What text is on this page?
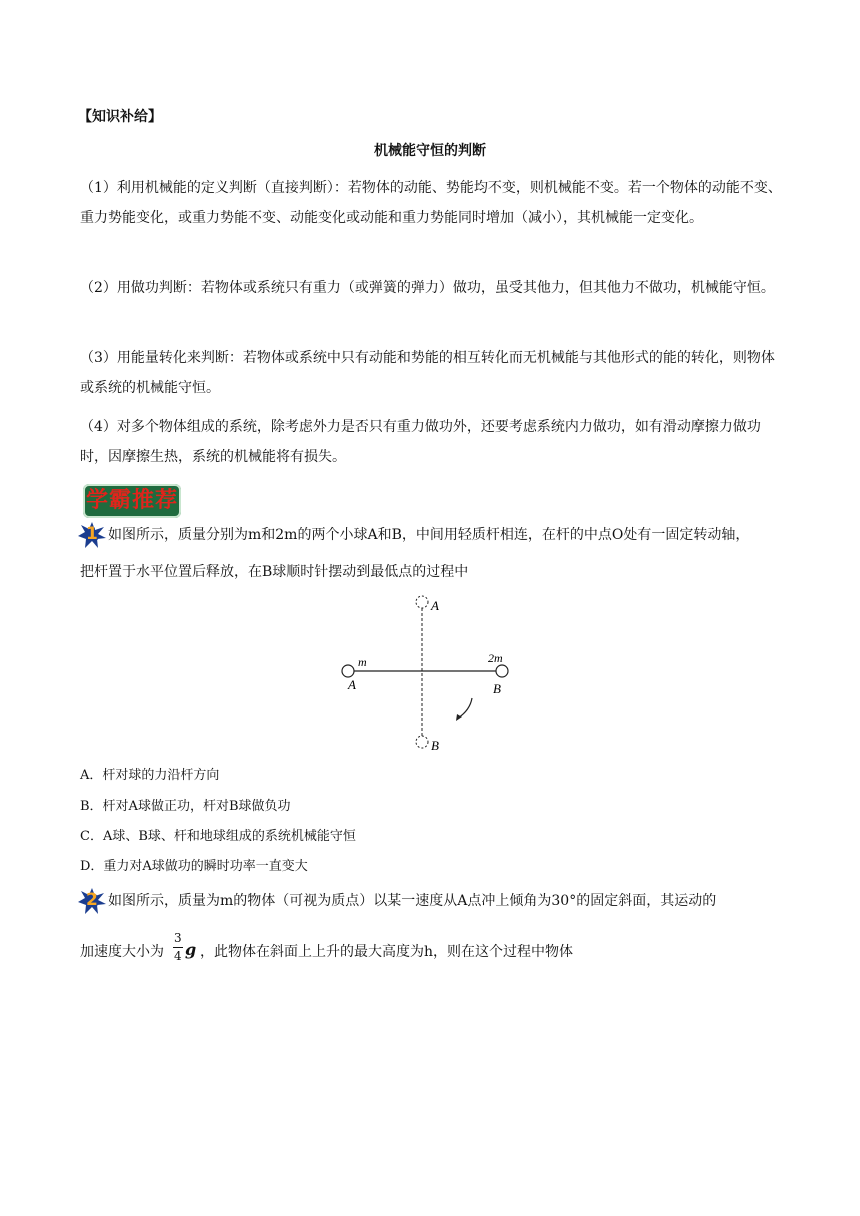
【知识补给】
机械能守恒的判断

（1）利用机械能的定义判断（直接判断）：若物体的动能、势能均不变，则机械能不变。若一个物体的动能不变、重力势能变化，或重力势能不变、动能变化或动能和重力势能同时增加（减小），其机械能一定变化。

（2）用做功判断：若物体或系统只有重力（或弹簧的弹力）做功，虽受其他力，但其他力不做功，机械能守恒。

（3）用能量转化来判断：若物体或系统中只有动能和势能的相互转化而无机械能与其他形式的能的转化，则物体或系统的机械能守恒。

（4）对多个物体组成的系统，除考虑外力是否只有重力做功外，还要考虑系统内力做功，如有滑动摩擦力做功时，因摩擦生热，系统的机械能将有损失。

学霸推荐
1 如图所示，质量分别为m和2m的两个小球A和B，中间用轻质杆相连，在杆的中点O处有一固定转动轴，
把杆置于水平位置后释放，在B球顺时针摆动到最低点的过程中
A
m
A
2m
B
B
A．杆对球的力沿杆方向
B．杆对A球做正功，杆对B球做负功
C．A球、B球、杆和地球组成的系统机械能守恒
D．重力对A球做功的瞬时功率一直变大
2 如图所示，质量为m的物体（可视为质点）以某一速度从A点冲上倾角为30°的固定斜面，其运动的
加速度大小为
3
4 g ，此物体在斜面上上升的最大高度为h，则在这个过程中物体
